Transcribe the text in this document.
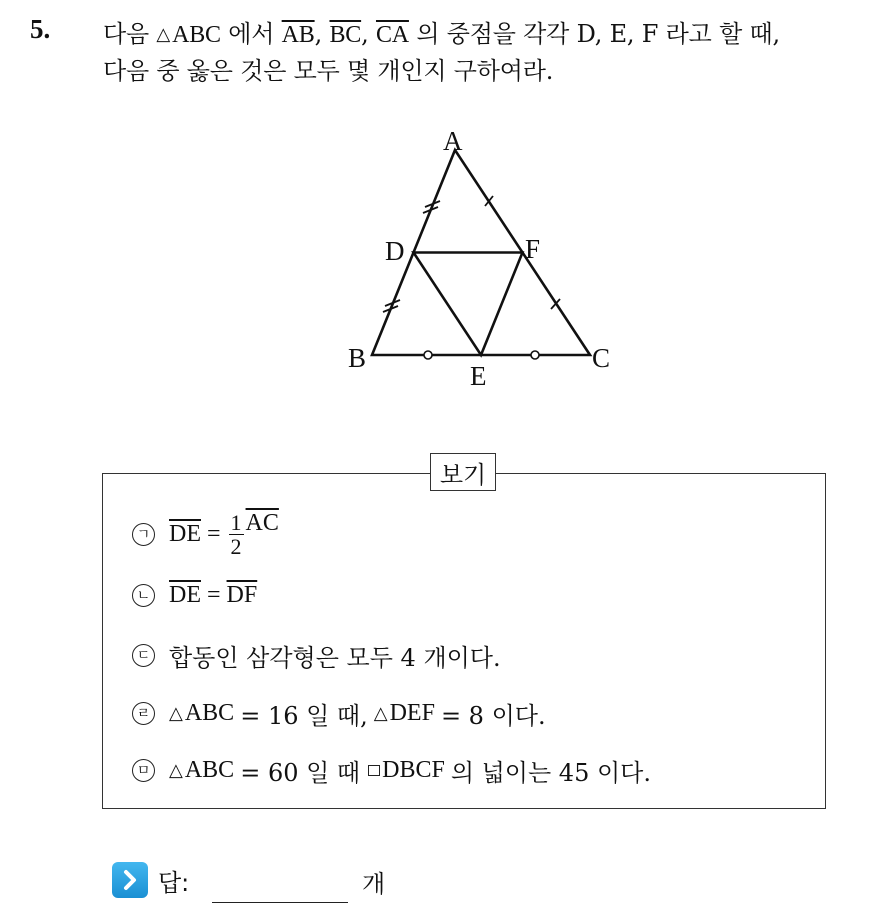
5. 다음 △ABC 에서 $\overline{AB}$, $\overline{BC}$, $\overline{CA}$ 의 중점을 각각 D, E, F 라고 할 때,
다음 중 옳은 것은 모두 몇 개인지 구하여라.
A
B	C
D
E
F
보기
ㄱ $\overline{DE} = \frac{1}{2} \overline{AC}$
ㄴ $\overline{DE} = \overline{DF}$
ㄷ 합동인 삼각형은 모두 4 개이다.
ㄹ △ ABC = 16 일 때, △ DEF = 8 이다.
ㅁ △ ABC = 60 일 때 DBCF 의 넓이는 45 이다.
답:	개
